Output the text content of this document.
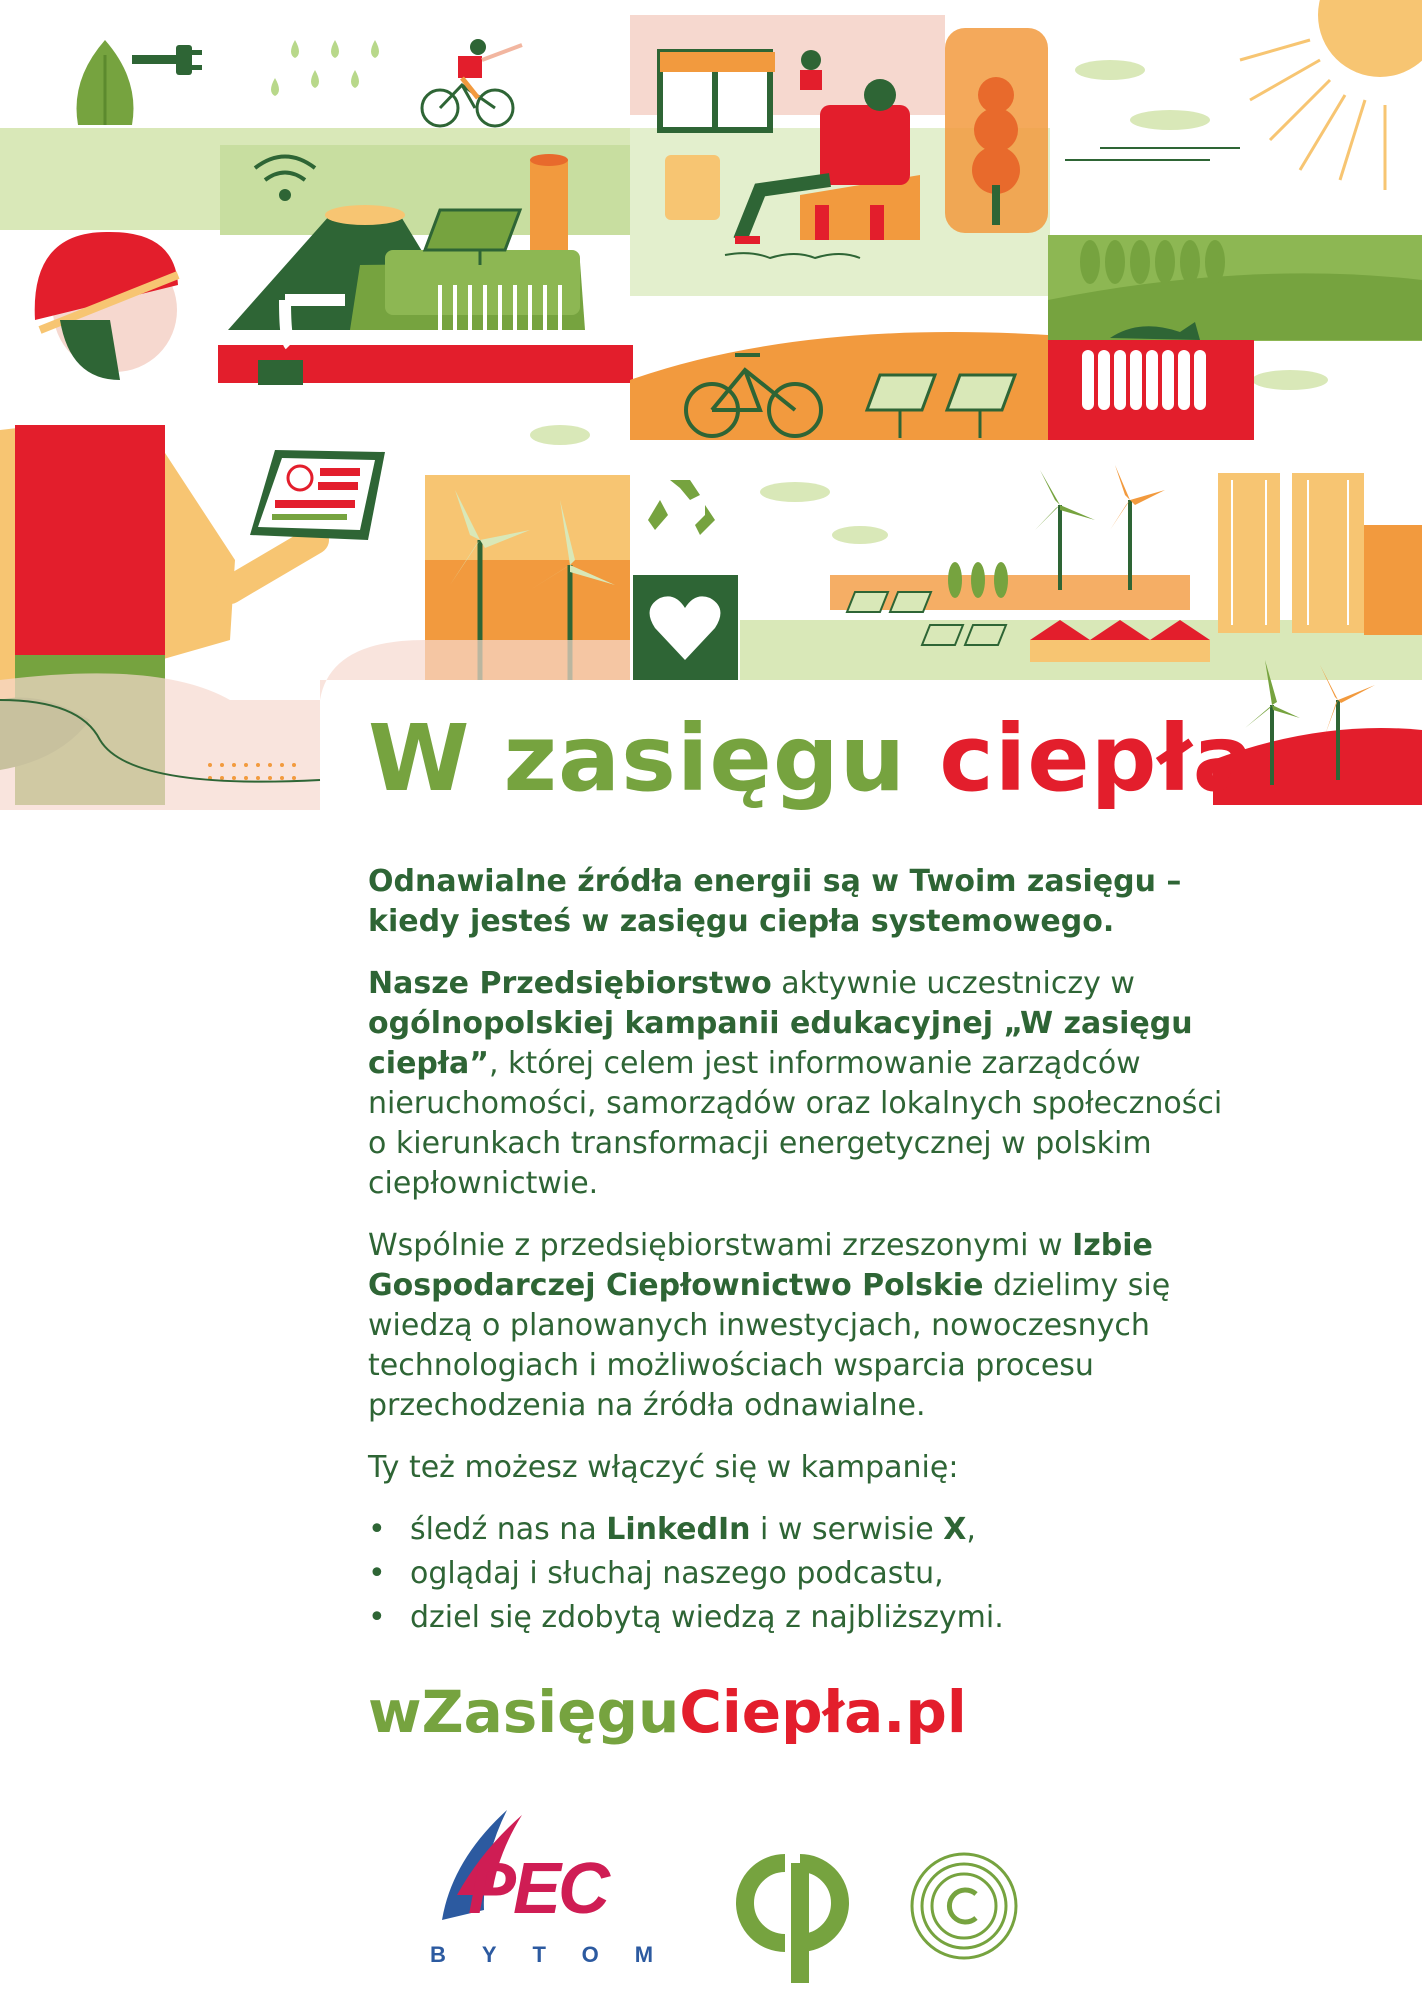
W zasięgu ciepła

Odnawialne źródła energii są w Twoim zasięgu – kiedy jesteś w zasięgu ciepła systemowego.

Nasze Przedsiębiorstwo aktywnie uczestniczy w ogólnopolskiej kampanii edukacyjnej „W zasięgu ciepła”, której celem jest informowanie zarządców nieruchomości, samorządów oraz lokalnych społeczności o kierunkach transformacji energetycznej w polskim ciepłownictwie.

Wspólnie z przedsiębiorstwami zrzeszonymi w Izbie Gospodarczej Ciepłownictwo Polskie dzielimy się wiedzą o planowanych inwestycjach, nowoczesnych technologiach i możliwościach wsparcia procesu przechodzenia na źródła odnawialne.

Ty też możesz włączyć się w kampanię:

• śledź nas na LinkedIn i w serwisie X,
• oglądaj i słuchaj naszego podcastu,
• dziel się zdobytą wiedzą z najbliższymi.

wZasięguCiepła.pl

PEC
BYTOM
